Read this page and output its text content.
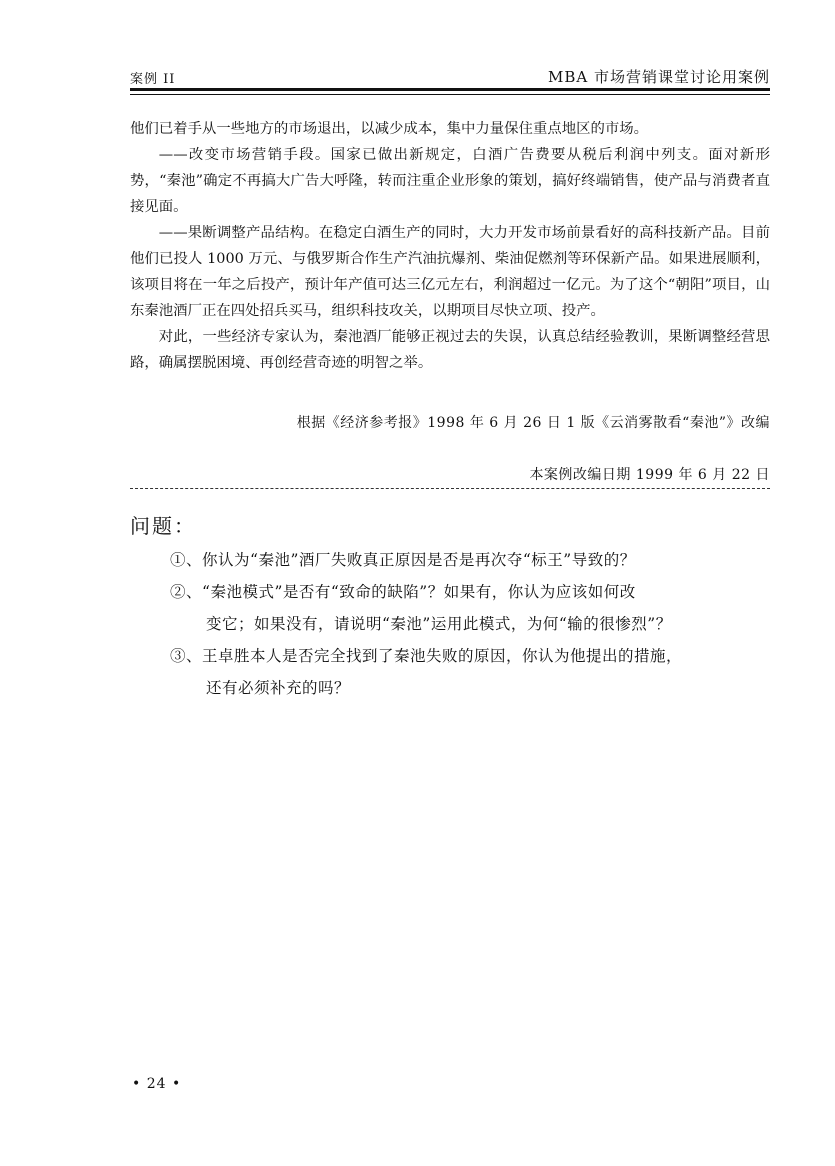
案例 II	MBA 市场营销课堂讨论用案例

他们已着手从一些地方的市场退出，以减少成本，集中力量保住重点地区的市场。

——改变市场营销手段。国家已做出新规定，白酒广告费要从税后利润中列支。面对新形势，“秦池”确定不再搞大广告大呼隆，转而注重企业形象的策划，搞好终端销售，使产品与消费者直接见面。

——果断调整产品结构。在稳定白酒生产的同时，大力开发市场前景看好的高科技新产品。目前他们已投人 1000 万元、与俄罗斯合作生产汽油抗爆剂、柴油促燃剂等环保新产品。如果进展顺利，该项目将在一年之后投产，预计年产值可达三亿元左右，利润超过一亿元。为了这个“朝阳”项目，山东秦池酒厂正在四处招兵买马，组织科技攻关，以期项目尽快立项、投产。

对此，一些经济专家认为，秦池酒厂能够正视过去的失误，认真总结经验教训，果断调整经营思路，确属摆脱困境、再创经营奇迹的明智之举。

根据《经济参考报》1998 年 6 月 26 日 1 版《云消雾散看“秦池”》改编
本案例改编日期 1999 年 6 月 22 日
问题：
①、你认为“秦池”酒厂失败真正原因是否是再次夺“标王”导致的？
②、“秦池模式”是否有“致命的缺陷”？如果有，你认为应该如何改
变它；如果没有，请说明“秦池”运用此模式，为何“输的很惨烈”？
③、王卓胜本人是否完全找到了秦池失败的原因，你认为他提出的措施，
还有必须补充的吗？
• 24 •
